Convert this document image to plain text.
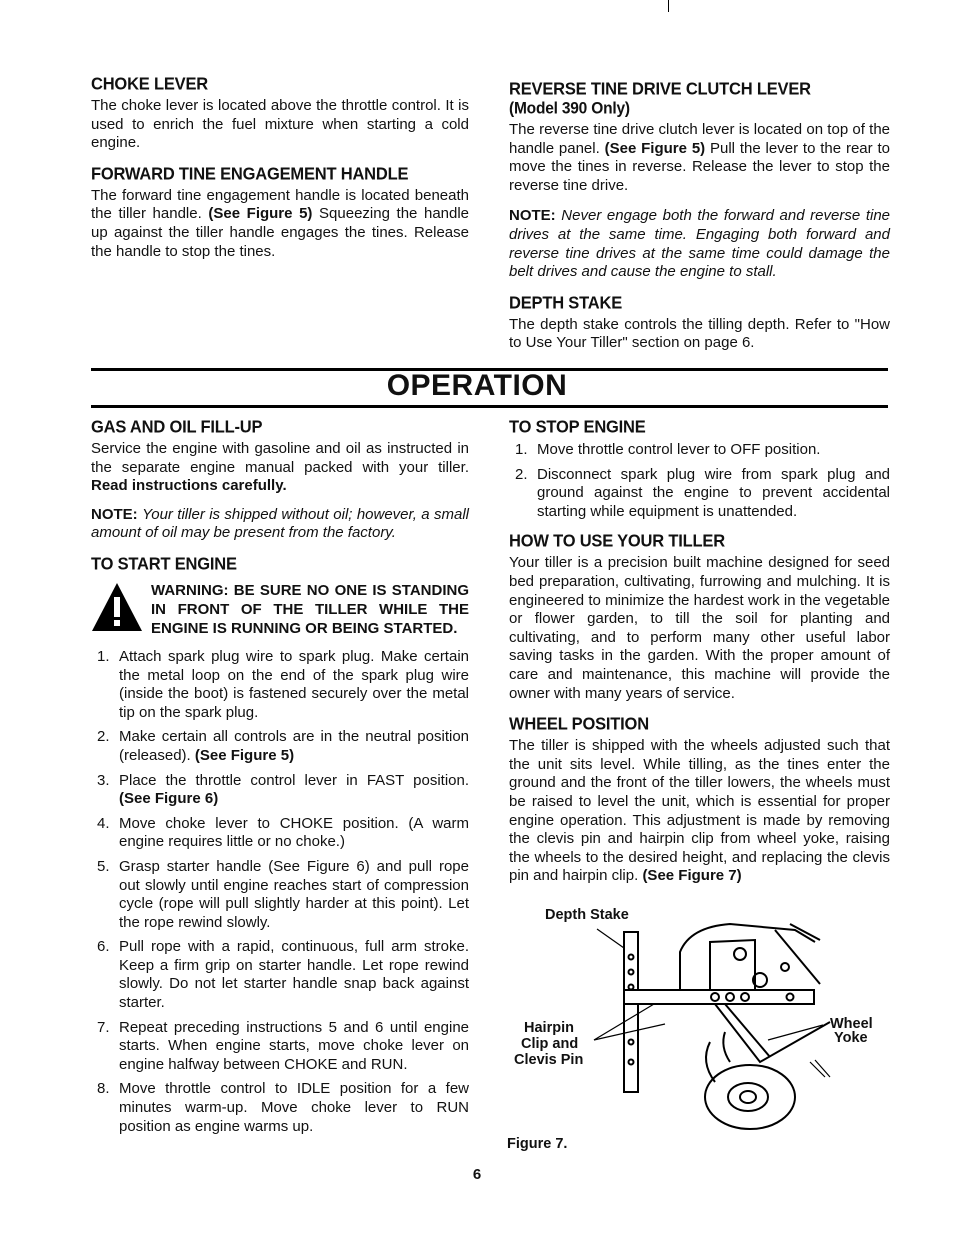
CHOKE LEVER

The choke lever is located above the throttle control. It is used to enrich the fuel mixture when starting a cold engine.

FORWARD TINE ENGAGEMENT HANDLE

The forward tine engagement handle is located beneath the tiller handle. (See Figure 5) Squeezing the handle up against the tiller handle engages the tines. Release the handle to stop the tines.

REVERSE TINE DRIVE CLUTCH LEVER
(Model 390 Only)

The reverse tine drive clutch lever is located on top of the handle panel. (See Figure 5) Pull the lever to the rear to move the tines in reverse. Release the lever to stop the reverse tine drive.

NOTE: Never engage both the forward and reverse tine drives at the same time. Engaging both forward and reverse tine drives at the same time could damage the belt drives and cause the engine to stall.

DEPTH STAKE

The depth stake controls the tilling depth. Refer to "How to Use Your Tiller" section on page 6.

OPERATION
GAS AND OIL FILL-UP

Service the engine with gasoline and oil as instructed in the separate engine manual packed with your tiller. Read instructions carefully.

NOTE: Your tiller is shipped without oil; however, a small amount of oil may be present from the factory.

TO START ENGINE
WARNING: BE SURE NO ONE IS STANDING IN FRONT OF THE TILLER WHILE THE ENGINE IS RUNNING OR BEING STARTED.
1. Attach spark plug wire to spark plug. Make certain the metal loop on the end of the spark plug wire (inside the boot) is fastened securely over the metal tip on the spark plug.
2. Make certain all controls are in the neutral position (released). (See Figure 5)
3. Place the throttle control lever in FAST position. (See Figure 6)
4. Move choke lever to CHOKE position. (A warm engine requires little or no choke.)
5. Grasp starter handle (See Figure 6) and pull rope out slowly until engine reaches start of compression cycle (rope will pull slightly harder at this point). Let the rope rewind slowly.
6. Pull rope with a rapid, continuous, full arm stroke. Keep a firm grip on starter handle. Let rope rewind slowly. Do not let starter handle snap back against starter.
7. Repeat preceding instructions 5 and 6 until engine starts. When engine starts, move choke lever on engine halfway between CHOKE and RUN.
8. Move throttle control to IDLE position for a few minutes warm-up. Move choke lever to RUN position as engine warms up.
TO STOP ENGINE
1. Move throttle control lever to OFF position.
2. Disconnect spark plug wire from spark plug and ground against the engine to prevent accidental starting while equipment is unattended.
HOW TO USE YOUR TILLER

Your tiller is a precision built machine designed for seed bed preparation, cultivating, furrowing and mulching. It is engineered to minimize the hardest work in the vegetable or flower garden, to till the soil for planting and cultivating, and to perform many other useful labor saving tasks in the garden. With the proper amount of care and maintenance, this machine will provide the owner with many years of service.

WHEEL POSITION

The tiller is shipped with the wheels adjusted such that the unit sits level. While tilling, as the tines enter the ground and the front of the tiller lowers, the wheels must be raised to level the unit, which is essential for proper engine operation. This adjustment is made by removing the clevis pin and hairpin clip from wheel yoke, raising the wheels to the desired height, and replacing the clevis pin and hairpin clip. (See Figure 7)

Depth Stake
Hairpin
Clip and
Clevis Pin
Wheel
Yoke
Figure 7.
6
